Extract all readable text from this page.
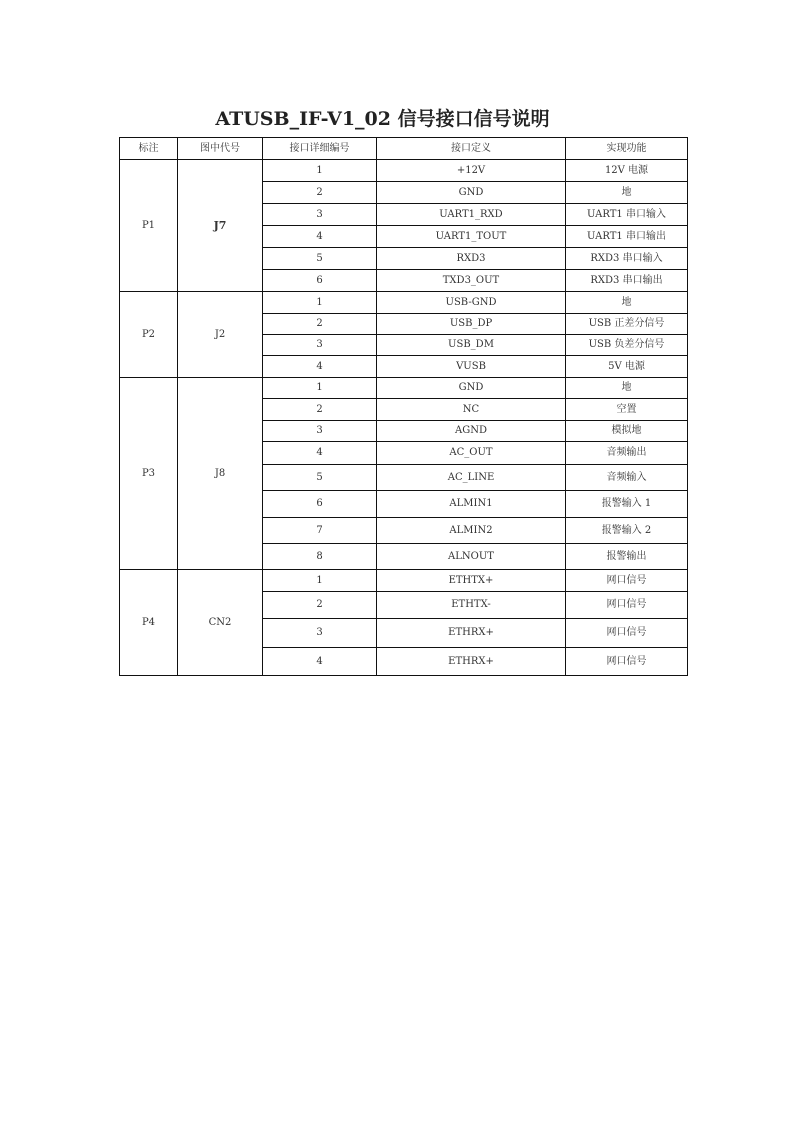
ATUSB_IF-V1_02 信号接口信号说明
标注	图中代号	接口详细编号	接口定义	实现功能
P1	J7	1	+12V	12V 电源
		2	GND	地
		3	UART1_RXD	UART1 串口输入
		4	UART1_TOUT	UART1 串口输出
		5	RXD3	RXD3 串口输入
		6	TXD3_OUT	RXD3 串口输出
P2	J2	1	USB-GND	地
		2	USB_DP	USB 正差分信号
		3	USB_DM	USB 负差分信号
		4	VUSB	5V 电源
P3	J8	1	GND	地
		2	NC	空置
		3	AGND	模拟地
		4	AC_OUT	音频输出
		5	AC_LINE	音频输入
		6	ALMIN1	报警输入 1
		7	ALMIN2	报警输入 2
		8	ALNOUT	报警输出
P4	CN2	1	ETHTX+	网口信号
		2	ETHTX-	网口信号
		3	ETHRX+	网口信号
		4	ETHRX+	网口信号
